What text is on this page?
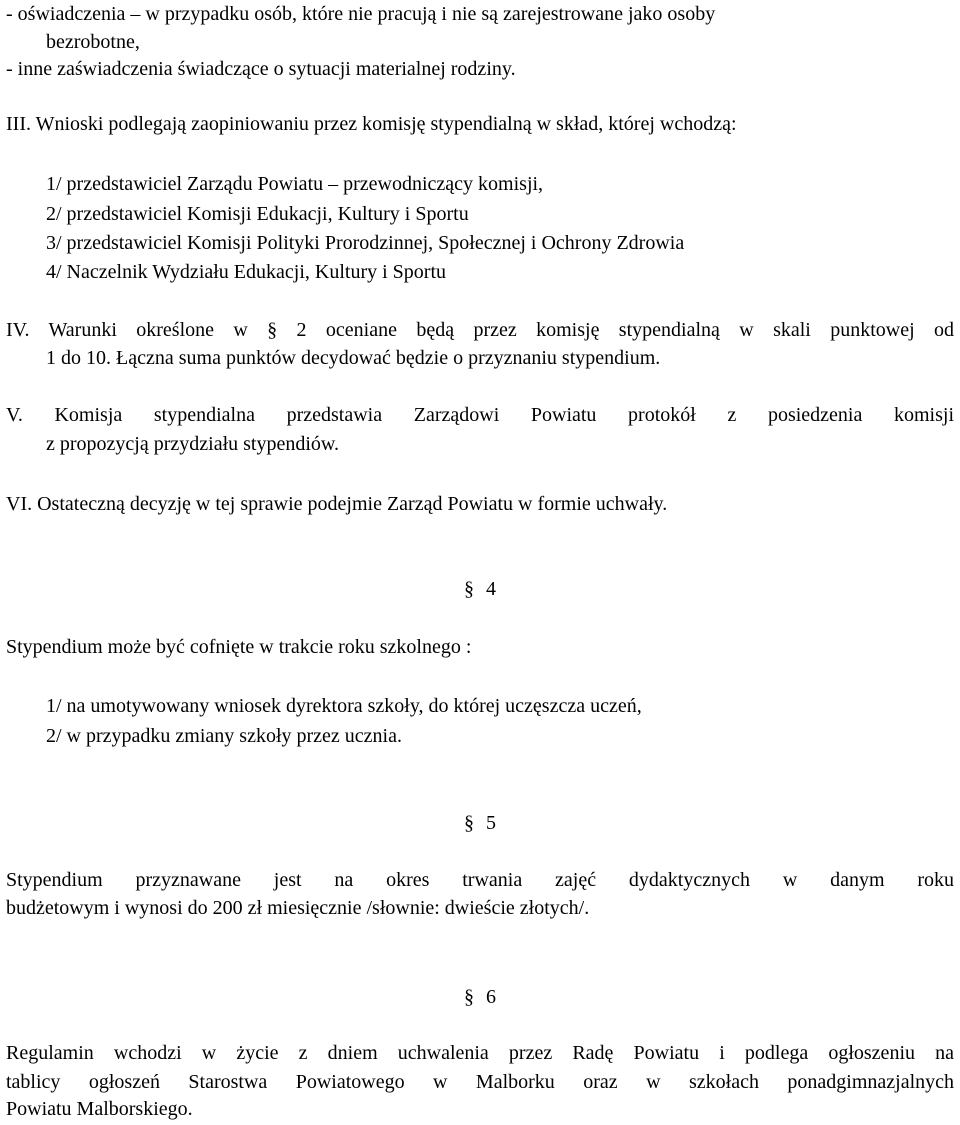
- oświadczenia – w przypadku osób, które nie pracują i nie są zarejestrowane jako osoby
bezrobotne,
- inne zaświadczenia świadczące o sytuacji materialnej rodziny.
III. Wnioski podlegają zaopiniowaniu przez komisję stypendialną w skład, której wchodzą:
1/ przedstawiciel Zarządu Powiatu – przewodniczący komisji,
2/ przedstawiciel Komisji Edukacji, Kultury i Sportu
3/ przedstawiciel Komisji Polityki Prorodzinnej, Społecznej i Ochrony Zdrowia
4/ Naczelnik Wydziału Edukacji, Kultury i Sportu
IV. Warunki określone w § 2 oceniane będą przez komisję stypendialną w skali punktowej od
1 do 10. Łączna suma punktów decydować będzie o przyznaniu stypendium.
V. Komisja stypendialna przedstawia Zarządowi Powiatu protokół z posiedzenia komisji
z propozycją przydziału stypendiów.
VI. Ostateczną decyzję w tej sprawie podejmie Zarząd Powiatu w formie uchwały.
§ 4
Stypendium może być cofnięte w trakcie roku szkolnego :
1/ na umotywowany wniosek dyrektora szkoły, do której uczęszcza uczeń,
2/ w przypadku zmiany szkoły przez ucznia.
§ 5
Stypendium przyznawane jest na okres trwania zajęć dydaktycznych w danym roku
budżetowym i wynosi do 200 zł miesięcznie /słownie: dwieście złotych/.
§ 6
Regulamin wchodzi w życie z dniem uchwalenia przez Radę Powiatu i podlega ogłoszeniu na
tablicy ogłoszeń Starostwa Powiatowego w Malborku oraz w szkołach ponadgimnazjalnych
Powiatu Malborskiego.
